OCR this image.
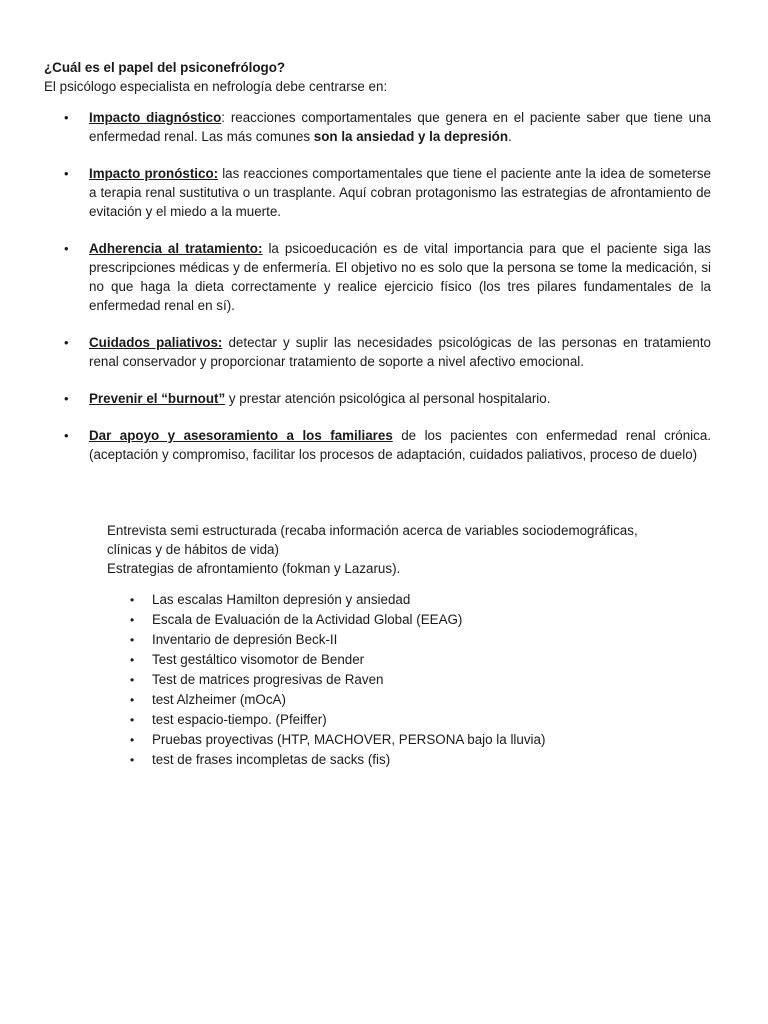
¿Cuál es el papel del psiconefrólogo?
El psicólogo especialista en nefrología debe centrarse en:
• Impacto diagnóstico: reacciones comportamentales que genera en el paciente saber que tiene una enfermedad renal. Las más comunes son la ansiedad y la depresión.
• Impacto pronóstico: las reacciones comportamentales que tiene el paciente ante la idea de someterse a terapia renal sustitutiva o un trasplante. Aquí cobran protagonismo las estrategias de afrontamiento de evitación y el miedo a la muerte.
• Adherencia al tratamiento: la psicoeducación es de vital importancia para que el paciente siga las prescripciones médicas y de enfermería. El objetivo no es solo que la persona se tome la medicación, si no que haga la dieta correctamente y realice ejercicio físico (los tres pilares fundamentales de la enfermedad renal en sí).
• Cuidados paliativos: detectar y suplir las necesidades psicológicas de las personas en tratamiento renal conservador y proporcionar tratamiento de soporte a nivel afectivo emocional.
• Prevenir el “burnout” y prestar atención psicológica al personal hospitalario.
• Dar apoyo y asesoramiento a los familiares de los pacientes con enfermedad renal crónica. (aceptación y compromiso, facilitar los procesos de adaptación, cuidados paliativos, proceso de duelo)
Entrevista semi estructurada (recaba información acerca de variables sociodemográficas,
clínicas y de hábitos de vida)
Estrategias de afrontamiento (fokman y Lazarus).
• Las escalas Hamilton depresión y ansiedad
• Escala de Evaluación de la Actividad Global (EEAG)
• Inventario de depresión Beck-II
• Test gestáltico visomotor de Bender
• Test de matrices progresivas de Raven
• test Alzheimer (mOcA)
• test espacio-tiempo. (Pfeiffer)
• Pruebas proyectivas (HTP, MACHOVER, PERSONA bajo la lluvia)
• test de frases incompletas de sacks (fis)
